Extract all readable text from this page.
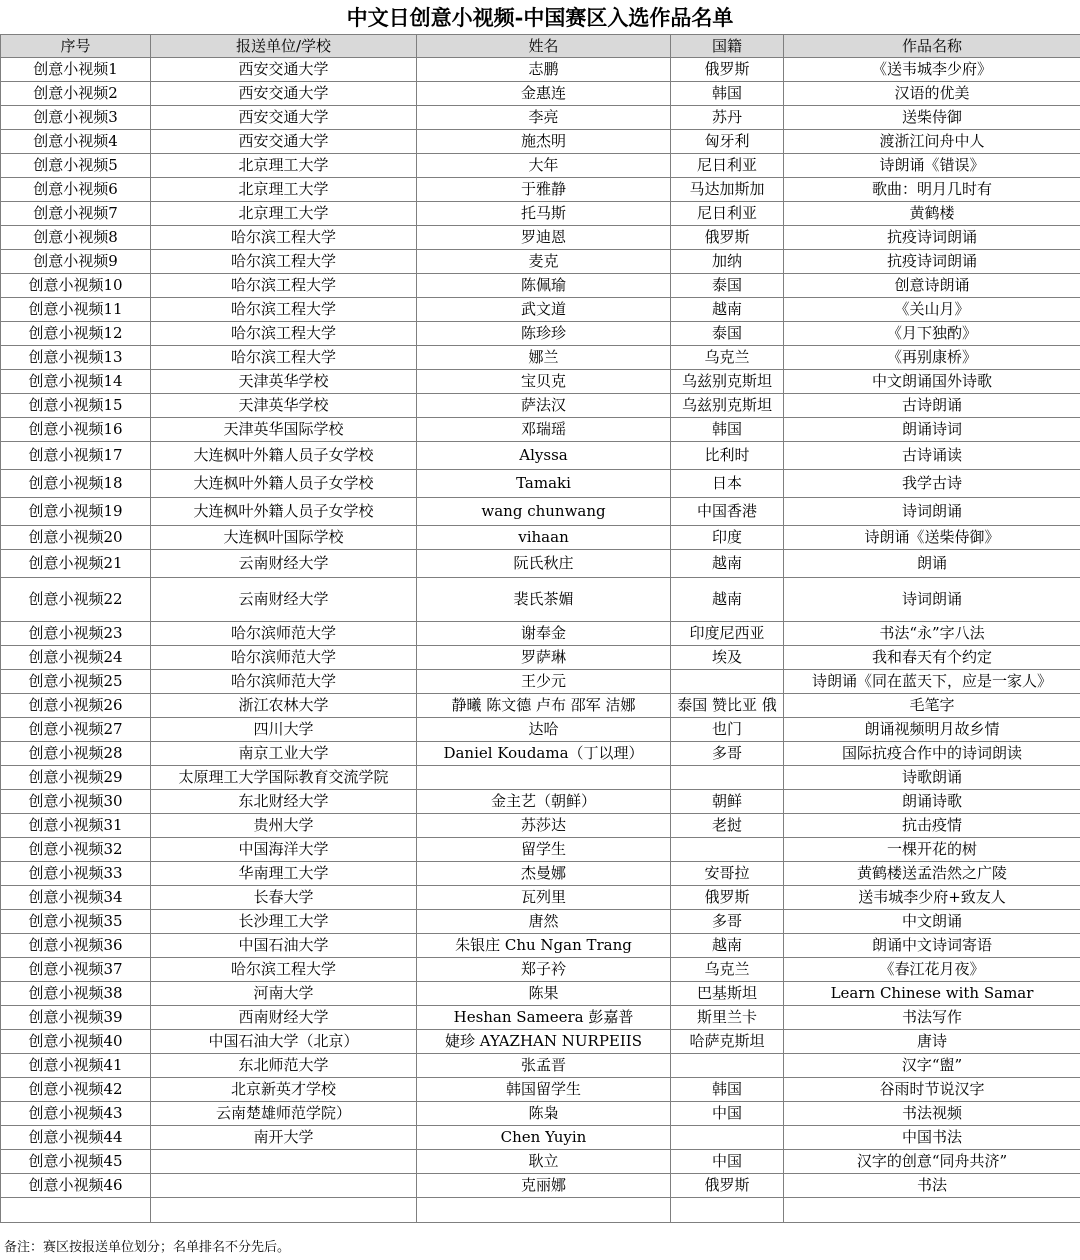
中文日创意小视频-中国赛区入选作品名单
序号	报送单位/学校	姓名	国籍	作品名称
创意小视频1	西安交通大学	志鹏	俄罗斯	《送韦城李少府》
创意小视频2	西安交通大学	金惠连	韩国	汉语的优美
创意小视频3	西安交通大学	李亮	苏丹	送柴侍御
创意小视频4	西安交通大学	施杰明	匈牙利	渡浙江问舟中人
创意小视频5	北京理工大学	大年	尼日利亚	诗朗诵《错误》
创意小视频6	北京理工大学	于雅静	马达加斯加	歌曲：明月几时有
创意小视频7	北京理工大学	托马斯	尼日利亚	黄鹤楼
创意小视频8	哈尔滨工程大学	罗迪恩	俄罗斯	抗疫诗词朗诵
创意小视频9	哈尔滨工程大学	麦克	加纳	抗疫诗词朗诵
创意小视频10	哈尔滨工程大学	陈佩瑜	泰国	创意诗朗诵
创意小视频11	哈尔滨工程大学	武文道	越南	《关山月》
创意小视频12	哈尔滨工程大学	陈珍珍	泰国	《月下独酌》
创意小视频13	哈尔滨工程大学	娜兰	乌克兰	《再别康桥》
创意小视频14	天津英华学校	宝贝克	乌兹别克斯坦	中文朗诵国外诗歌
创意小视频15	天津英华学校	萨法汉	乌兹别克斯坦	古诗朗诵
创意小视频16	天津英华国际学校	邓瑞瑶	韩国	朗诵诗词
创意小视频17	大连枫叶外籍人员子女学校	Alyssa	比利时	古诗诵读
创意小视频18	大连枫叶外籍人员子女学校	Tamaki	日本	我学古诗
创意小视频19	大连枫叶外籍人员子女学校	wang chunwang	中国香港	诗词朗诵
创意小视频20	大连枫叶国际学校	vihaan	印度	诗朗诵《送柴侍御》
创意小视频21	云南财经大学	阮氏秋庄	越南	朗诵
创意小视频22	云南财经大学	裴氏茶媚	越南	诗词朗诵
创意小视频23	哈尔滨师范大学	谢奉金	印度尼西亚	书法“永”字八法
创意小视频24	哈尔滨师范大学	罗萨琳	埃及	我和春天有个约定
创意小视频25	哈尔滨师范大学	王少元		诗朗诵《同在蓝天下，应是一家人》
创意小视频26	浙江农林大学	静曦 陈文德 卢布 邵军 洁娜	泰国 赞比亚 俄	毛笔字
创意小视频27	四川大学	达哈	也门	朗诵视频明月故乡情
创意小视频28	南京工业大学	Daniel Koudama（丁以理）	多哥	国际抗疫合作中的诗词朗读
创意小视频29	太原理工大学国际教育交流学院			诗歌朗诵
创意小视频30	东北财经大学	金主艺（朝鲜）	朝鲜	朗诵诗歌
创意小视频31	贵州大学	苏莎达	老挝	抗击疫情
创意小视频32	中国海洋大学	留学生		一棵开花的树
创意小视频33	华南理工大学	杰曼娜	安哥拉	黄鹤楼送孟浩然之广陵
创意小视频34	长春大学	瓦列里	俄罗斯	送韦城李少府+致友人
创意小视频35	长沙理工大学	唐然	多哥	中文朗诵
创意小视频36	中国石油大学	朱银庄 Chu Ngan Trang	越南	朗诵中文诗词寄语
创意小视频37	哈尔滨工程大学	郑子衿	乌克兰	《春江花月夜》
创意小视频38	河南大学	陈果	巴基斯坦	Learn Chinese with Samar
创意小视频39	西南财经大学	Heshan Sameera 彭嘉普	斯里兰卡	书法写作
创意小视频40	中国石油大学（北京）	婕珍 AYAZHAN NURPEIIS	哈萨克斯坦	唐诗
创意小视频41	东北师范大学	张孟晋		汉字“盥”
创意小视频42	北京新英才学校	韩国留学生	韩国	谷雨时节说汉字
创意小视频43	云南楚雄师范学院）	陈枭	中国	书法视频
创意小视频44	南开大学	Chen Yuyin		中国书法
创意小视频45		耿立	中国	汉字的创意“同舟共济”
创意小视频46		克丽娜	俄罗斯	书法

备注：赛区按报送单位划分；名单排名不分先后。
